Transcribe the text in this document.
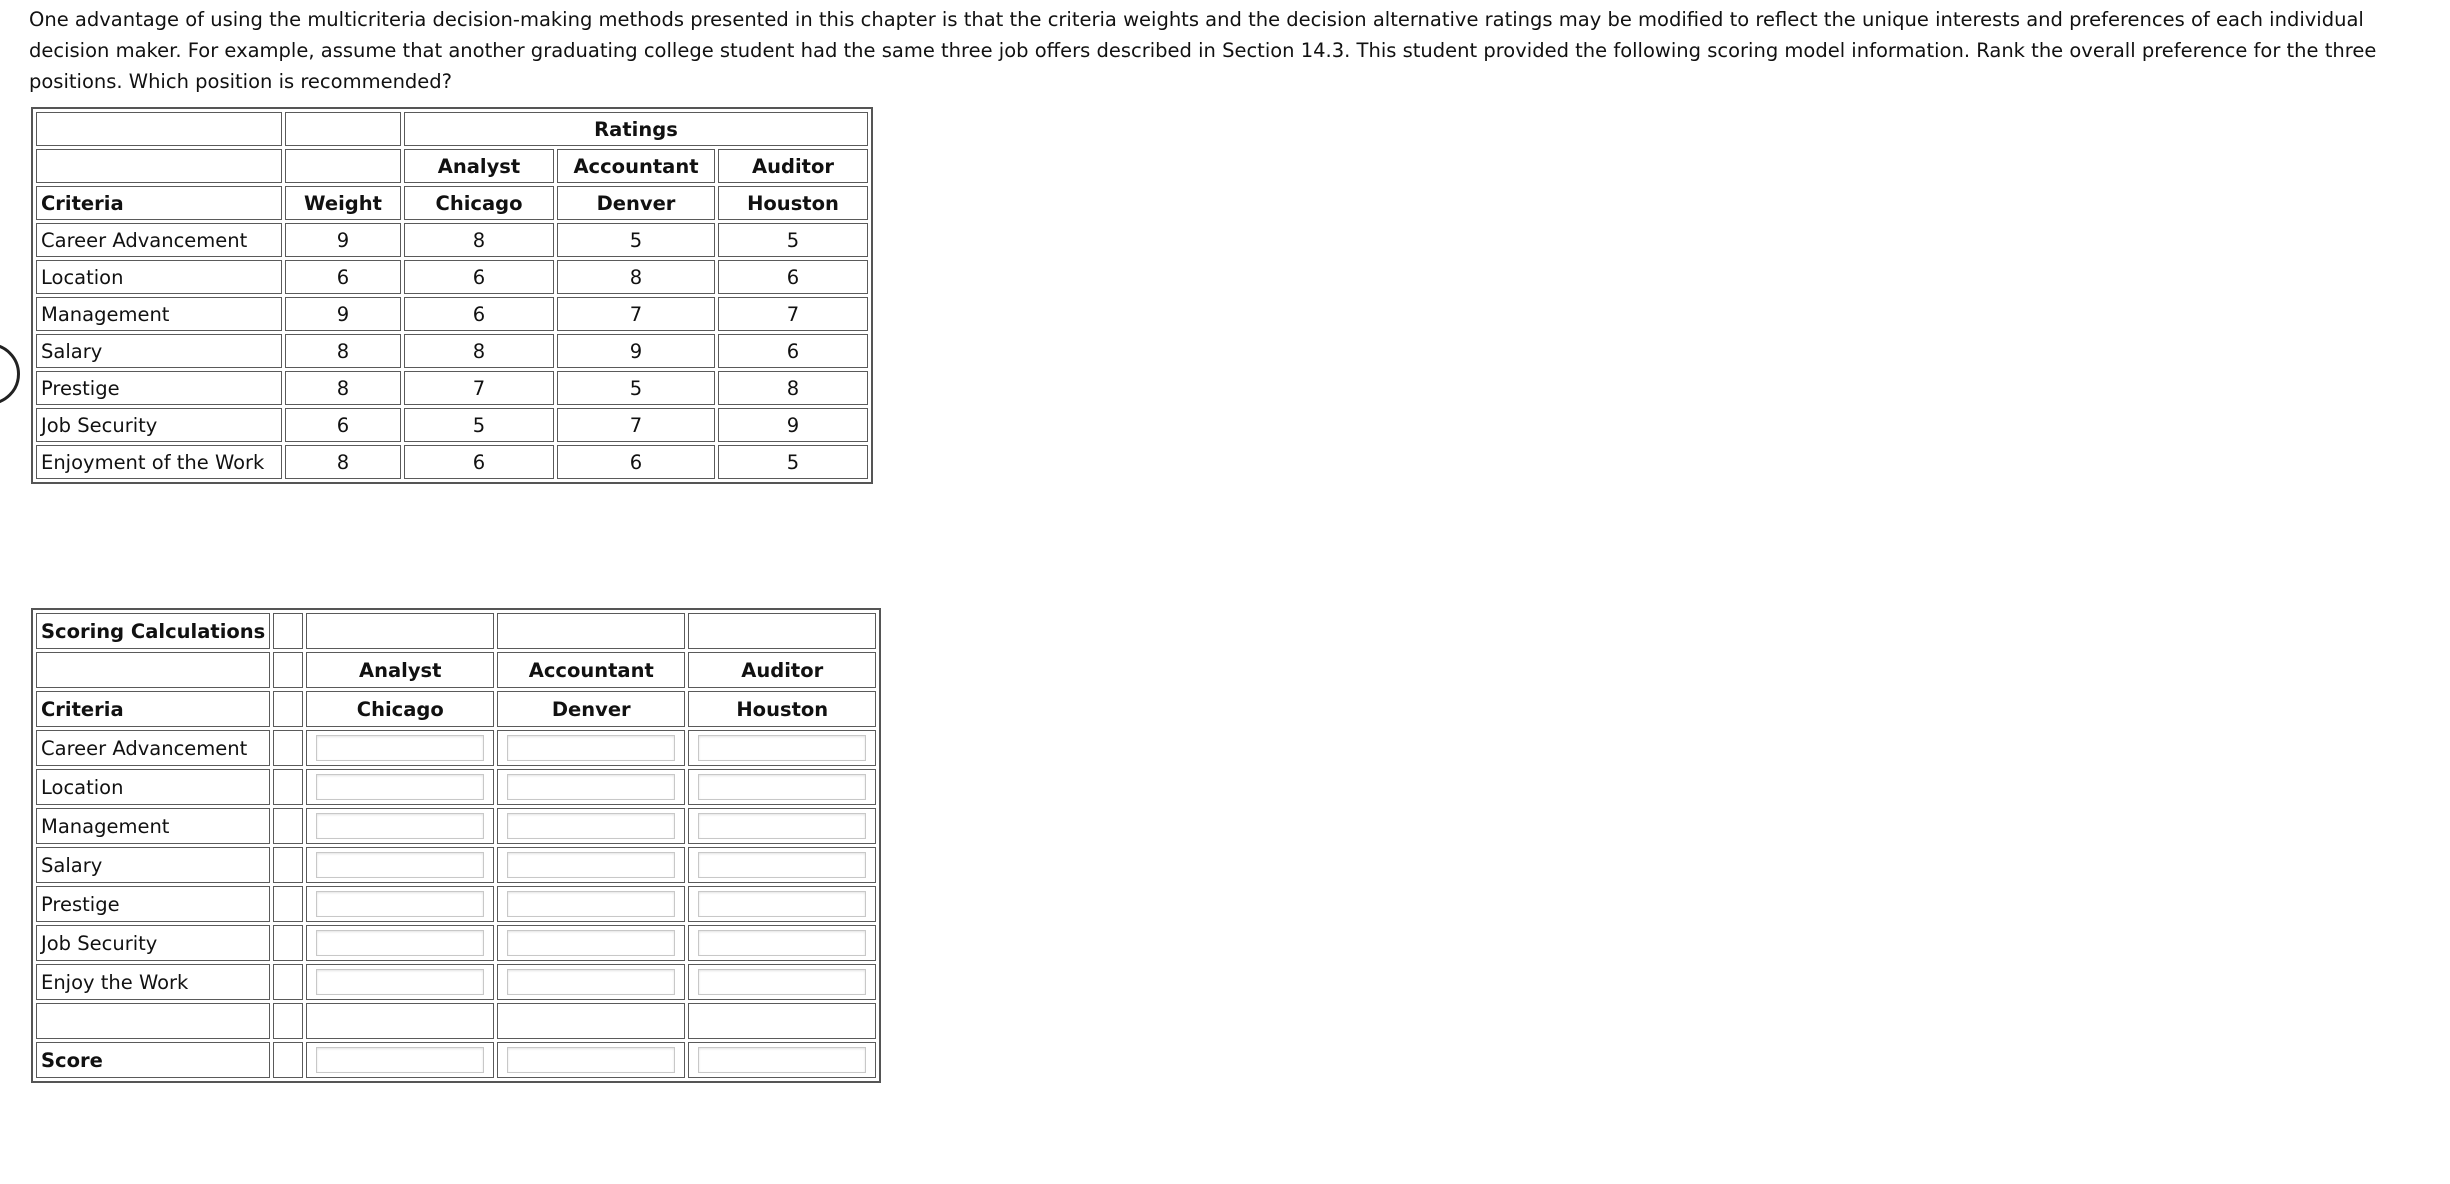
One advantage of using the multicriteria decision-making methods presented in this chapter is that the criteria weights and the decision alternative ratings may be modified to reflect the unique interests and preferences of each individual decision maker. For example, assume that another graduating college student had the same three job offers described in Section 14.3. This student provided the following scoring model information. Rank the overall preference for the three positions. Which position is recommended?

		Ratings		
		Analyst	Accountant	Auditor
Criteria	Weight	Chicago	Denver	Houston
Career Advancement	9	8	5	5
Location	6	6	8	6
Management	9	6	7	7
Salary	8	8	9	6
Prestige	8	7	5	8
Job Security	6	5	7	9
Enjoyment of the Work	8	6	6	5
Scoring Calculations				
		Analyst	Accountant	Auditor
Criteria		Chicago	Denver	Houston
Career Advancement		

Location		

Management		

Salary		

Prestige		

Job Security		

Enjoy the Work		

Score		
